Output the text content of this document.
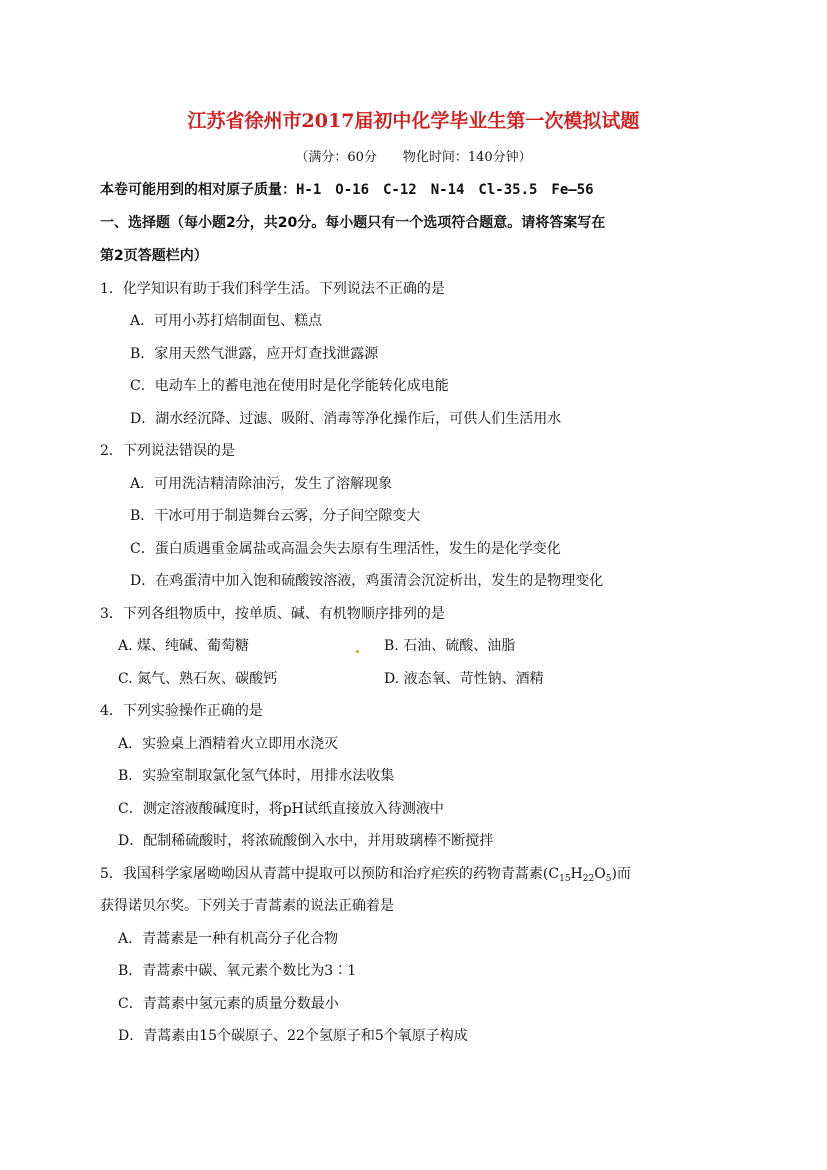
江苏省徐州市2017届初中化学毕业生第一次模拟试题
（满分：60分　　物化时间：140分钟）
本卷可能用到的相对原子质量：H-1　O-16　C-12　N-14　Cl-35.5　Fe—56
一、选择题（每小题2分，共20分。每小题只有一个选项符合题意。请将答案写在
第2页答题栏内）
1．化学知识有助于我们科学生活。下列说法不正确的是
A．可用小苏打焙制面包、糕点
B．家用天然气泄露，应开灯查找泄露源
C．电动车上的蓄电池在使用时是化学能转化成电能
D．湖水经沉降、过滤、吸附、消毒等净化操作后，可供人们生活用水
2．下列说法错误的是
A．可用洗洁精清除油污，发生了溶解现象
B．干冰可用于制造舞台云雾，分子间空隙变大
C．蛋白质遇重金属盐或高温会失去原有生理活性，发生的是化学变化
D．在鸡蛋清中加入饱和硫酸铵溶液，鸡蛋清会沉淀析出，发生的是物理变化
3．下列各组物质中，按单质、碱、有机物顺序排列的是
A. 煤、纯碱、葡萄糖	B. 石油、硫酸、油脂
C. 氮气、熟石灰、碳酸钙	D. 液态氧、苛性钠、酒精
4．下列实验操作正确的是
A．实验桌上酒精着火立即用水浇灭
B．实验室制取氯化氢气体时，用排水法收集
C．测定溶液酸碱度时，将pH试纸直接放入待测液中
D．配制稀硫酸时，将浓硫酸倒入水中，并用玻璃棒不断搅拌
5．我国科学家屠呦呦因从青蒿中提取可以预防和治疗疟疾的药物青蒿素$(C_{15}H_{22}O_5)$而
获得诺贝尔奖。下列关于青蒿素的说法正确着是
A．青蒿素是一种有机高分子化合物
B．青蒿素中碳、氧元素个数比为3∶1
C．青蒿素中氢元素的质量分数最小
D．青蒿素由15个碳原子、22个氢原子和5个氧原子构成
